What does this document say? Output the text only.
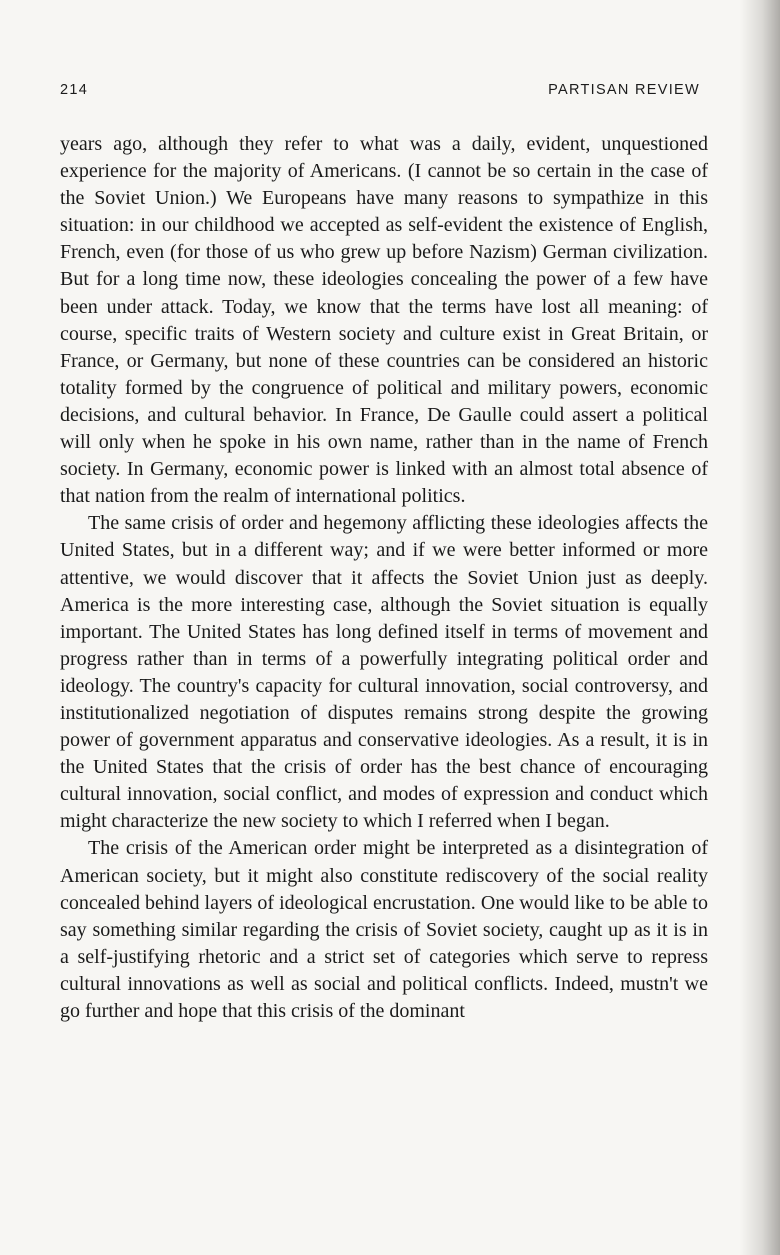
214	PARTISAN REVIEW

years ago, although they refer to what was a daily, evident, unquestioned experience for the majority of Americans. (I cannot be so certain in the case of the Soviet Union.) We Europeans have many reasons to sympathize in this situation: in our childhood we accepted as self-evident the existence of English, French, even (for those of us who grew up before Nazism) German civilization. But for a long time now, these ideologies concealing the power of a few have been under attack. Today, we know that the terms have lost all meaning: of course, specific traits of Western society and culture exist in Great Britain, or France, or Germany, but none of these countries can be considered an historic totality formed by the congruence of political and military powers, economic decisions, and cultural behavior. In France, De Gaulle could assert a political will only when he spoke in his own name, rather than in the name of French society. In Germany, economic power is linked with an almost total absence of that nation from the realm of international politics.

The same crisis of order and hegemony afflicting these ideologies affects the United States, but in a different way; and if we were better informed or more attentive, we would discover that it affects the Soviet Union just as deeply. America is the more interesting case, although the Soviet situation is equally important. The United States has long defined itself in terms of movement and progress rather than in terms of a powerfully integrating political order and ideology. The country's capacity for cultural innovation, social controversy, and institutionalized negotiation of disputes remains strong despite the growing power of government apparatus and conservative ideologies. As a result, it is in the United States that the crisis of order has the best chance of encouraging cultural innovation, social conflict, and modes of expression and conduct which might characterize the new society to which I referred when I began.

The crisis of the American order might be interpreted as a disintegration of American society, but it might also constitute rediscovery of the social reality concealed behind layers of ideological encrustation. One would like to be able to say something similar regarding the crisis of Soviet society, caught up as it is in a self-justifying rhetoric and a strict set of categories which serve to repress cultural innovations as well as social and political conflicts. Indeed, mustn't we go further and hope that this crisis of the dominant
